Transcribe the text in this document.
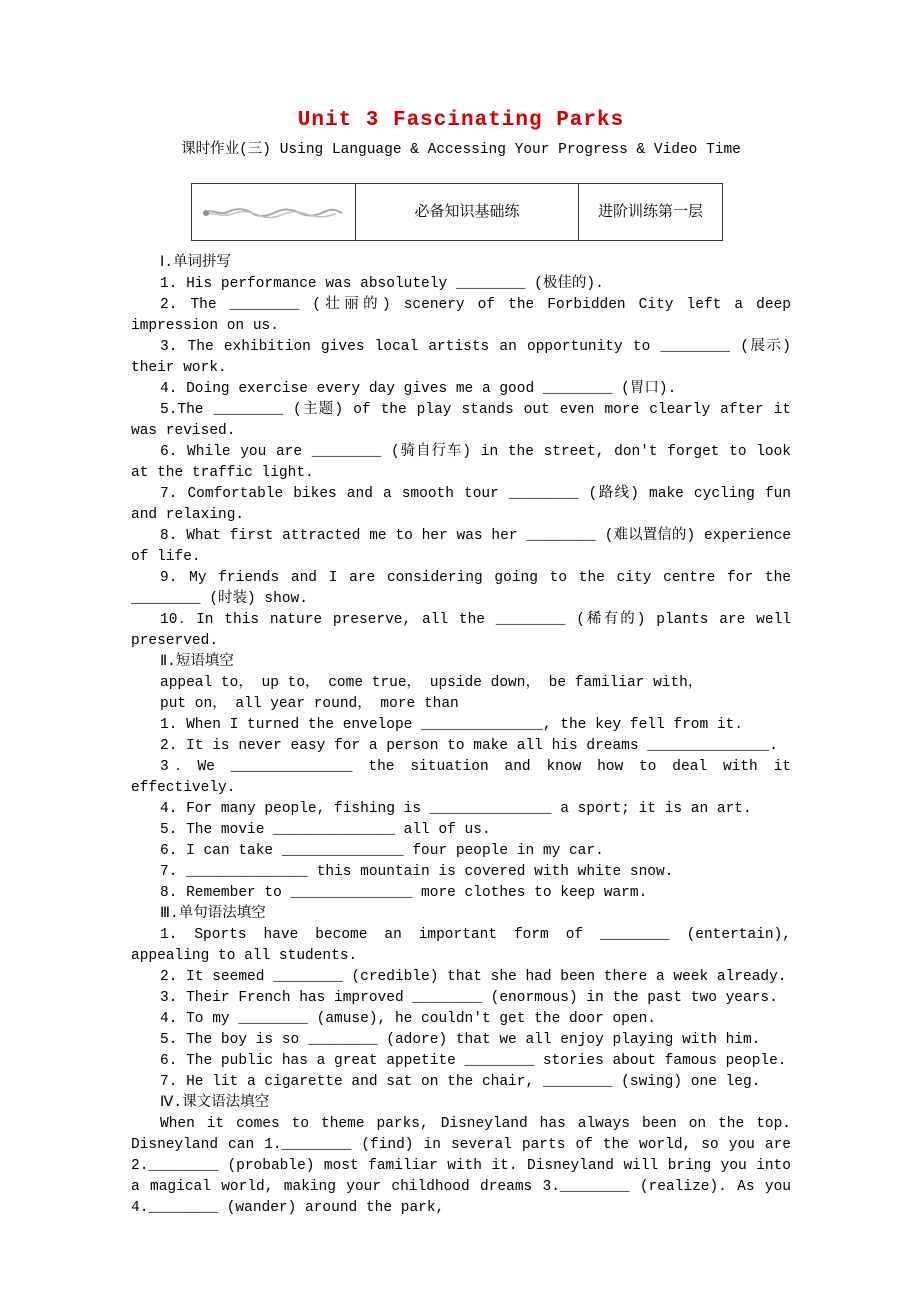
Unit 3 Fascinating Parks

课时作业(三) Using Language & Accessing Your Progress & Video Time

必备知识基础练	进阶训练第一层

Ⅰ.单词拼写

1. His performance was absolutely ________ (极佳的).

2. The ________ (壮丽的) scenery of the Forbidden City left a deep impression on us.

3. The exhibition gives local artists an opportunity to ________ (展示) their work.

4. Doing exercise every day gives me a good ________ (胃口).

5.The ________ (主题) of the play stands out even more clearly after it was revised.

6. While you are ________ (骑自行车) in the street, don't forget to look at the traffic light.

7. Comfortable bikes and a smooth tour ________ (路线) make cycling fun and relaxing.

8. What first attracted me to her was her ________ (难以置信的) experience of life.

9. My friends and I are considering going to the city centre for the ________ (时装) show.

10．In this nature preserve, all the ________ (稀有的) plants are well preserved.

Ⅱ.短语填空

appeal to， up to， come true， upside down， be familiar with，

put on， all year round， more than

1. When I turned the envelope ______________, the key fell from it.

2. It is never easy for a person to make all his dreams ______________.

3．We ______________ the situation and know how to deal with it effectively.

4. For many people, fishing is ______________ a sport; it is an art.

5. The movie ______________ all of us.

6. I can take ______________ four people in my car.

7. ______________ this mountain is covered with white snow.

8. Remember to ______________ more clothes to keep warm.

Ⅲ.单句语法填空

1. Sports have become an important form of ________ (entertain), appealing to all students.

2. It seemed ________ (credible) that she had been there a week already.

3. Their French has improved ________ (enormous) in the past two years.

4. To my ________ (amuse), he couldn't get the door open.

5. The boy is so ________ (adore) that we all enjoy playing with him.

6. The public has a great appetite ________ stories about famous people.

7. He lit a cigarette and sat on the chair, ________ (swing) one leg.

Ⅳ.课文语法填空

When it comes to theme parks, Disneyland has always been on the top. Disneyland can 1.________ (find) in several parts of the world, so you are 2.________ (probable) most familiar with it. Disneyland will bring you into a magical world, making your childhood dreams 3.________ (realize). As you 4.________ (wander) around the park,
